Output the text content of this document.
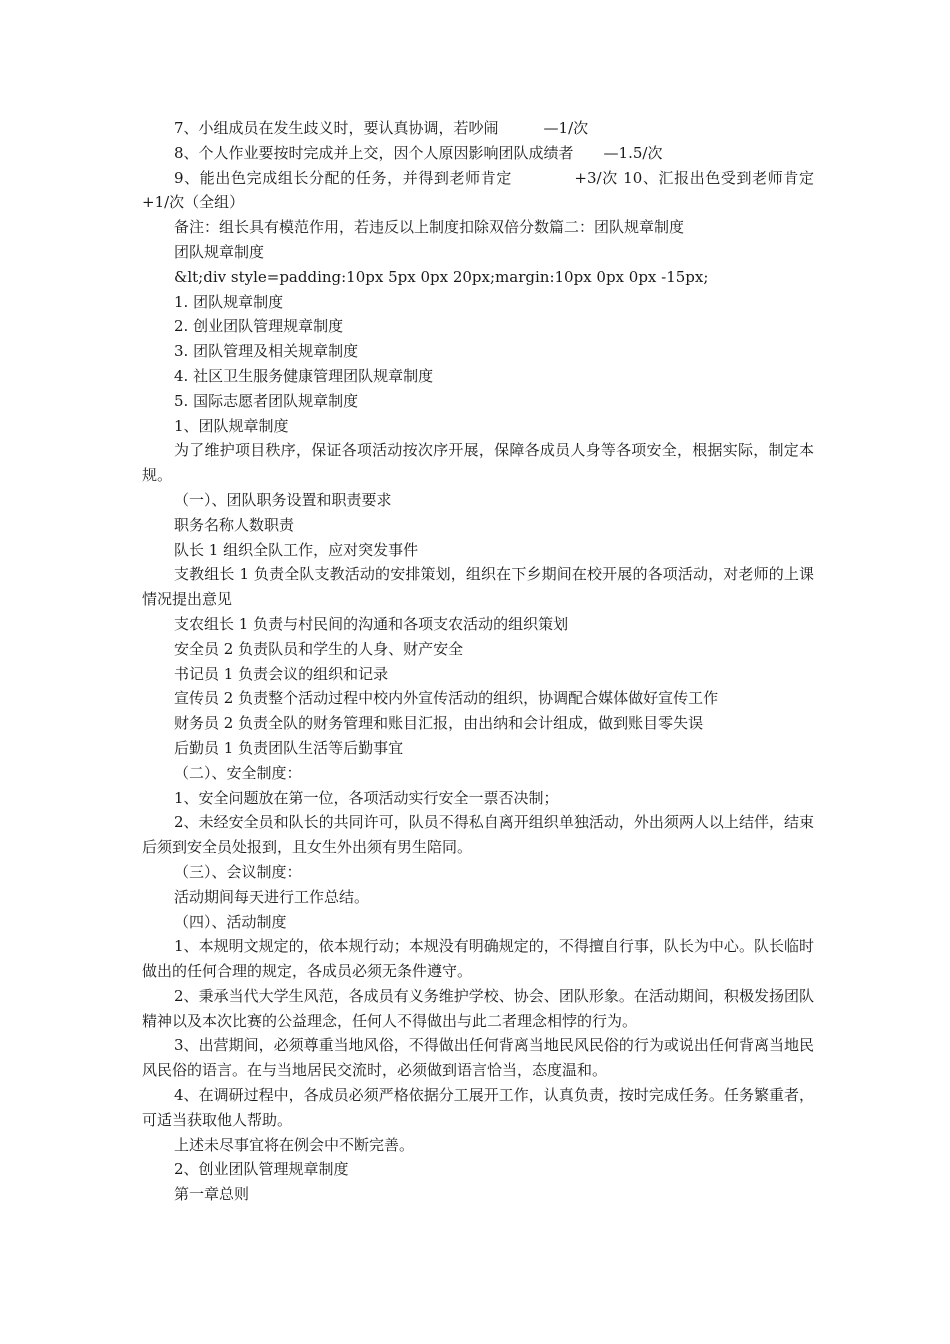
7、小组成员在发生歧义时，要认真协调，若吵闹　　　—1/次

8、个人作业要按时完成并上交，因个人原因影响团队成绩者　　—1.5/次

9、能出色完成组长分配的任务，并得到老师肯定　　　　+3/次 10、汇报出色受到老师肯定　　　+1/次（全组）

备注：组长具有模范作用，若违反以上制度扣除双倍分数篇二：团队规章制度

团队规章制度

&lt;div style=padding:10px 5px 0px 20px;margin:10px 0px 0px -15px;

1. 团队规章制度

2. 创业团队管理规章制度

3. 团队管理及相关规章制度

4. 社区卫生服务健康管理团队规章制度

5. 国际志愿者团队规章制度

1、团队规章制度

为了维护项目秩序，保证各项活动按次序开展，保障各成员人身等各项安全，根据实际，制定本规。

（一）、团队职务设置和职责要求

职务名称人数职责

队长 1 组织全队工作，应对突发事件

支教组长 1 负责全队支教活动的安排策划，组织在下乡期间在校开展的各项活动，对老师的上课情况提出意见

支农组长 1 负责与村民间的沟通和各项支农活动的组织策划

安全员 2 负责队员和学生的人身、财产安全

书记员 1 负责会议的组织和记录

宣传员 2 负责整个活动过程中校内外宣传活动的组织，协调配合媒体做好宣传工作

财务员 2 负责全队的财务管理和账目汇报，由出纳和会计组成，做到账目零失误

后勤员 1 负责团队生活等后勤事宜

（二）、安全制度：

1、安全问题放在第一位，各项活动实行安全一票否决制；

2、未经安全员和队长的共同许可，队员不得私自离开组织单独活动，外出须两人以上结伴，结束后须到安全员处报到，且女生外出须有男生陪同。

（三）、会议制度：

活动期间每天进行工作总结。

（四）、活动制度

1、本规明文规定的，依本规行动；本规没有明确规定的，不得擅自行事，队长为中心。队长临时做出的任何合理的规定，各成员必须无条件遵守。

2、秉承当代大学生风范，各成员有义务维护学校、协会、团队形象。在活动期间，积极发扬团队精神以及本次比赛的公益理念，任何人不得做出与此二者理念相悖的行为。

3、出营期间，必须尊重当地风俗，不得做出任何背离当地民风民俗的行为或说出任何背离当地民风民俗的语言。在与当地居民交流时，必须做到语言恰当，态度温和。

4、在调研过程中，各成员必须严格依据分工展开工作，认真负责，按时完成任务。任务繁重者，可适当获取他人帮助。

上述未尽事宜将在例会中不断完善。

2、创业团队管理规章制度

第一章总则
